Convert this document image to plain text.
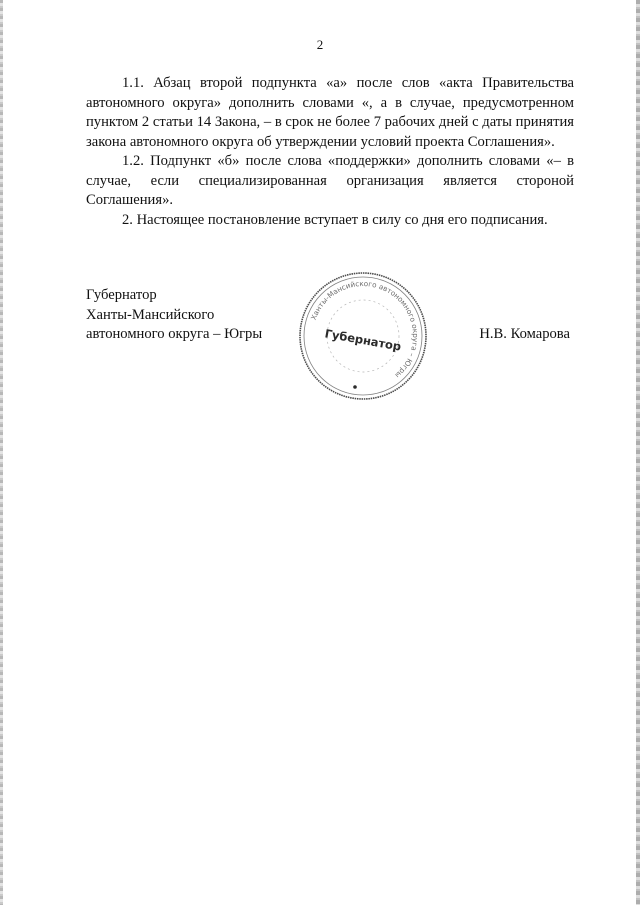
2

1.1. Абзац второй подпункта «а» после слов «акта Правительства автономного округа» дополнить словами «, а в случае, предусмотренном пунктом 2 статьи 14 Закона, – в срок не более 7 рабочих дней с даты принятия закона автономного округа об утверждении условий проекта Соглашения».

1.2. Подпункт «б» после слова «поддержки» дополнить словами «– в случае, если специализированная организация является стороной Соглашения».

2. Настоящее постановление вступает в силу со дня его подписания.

Губернатор
Ханты-Мансийского
автономного округа – Югры
Ханты-Мансийского автономного округа – Югры
Губернатор	Н.В. Комарова
